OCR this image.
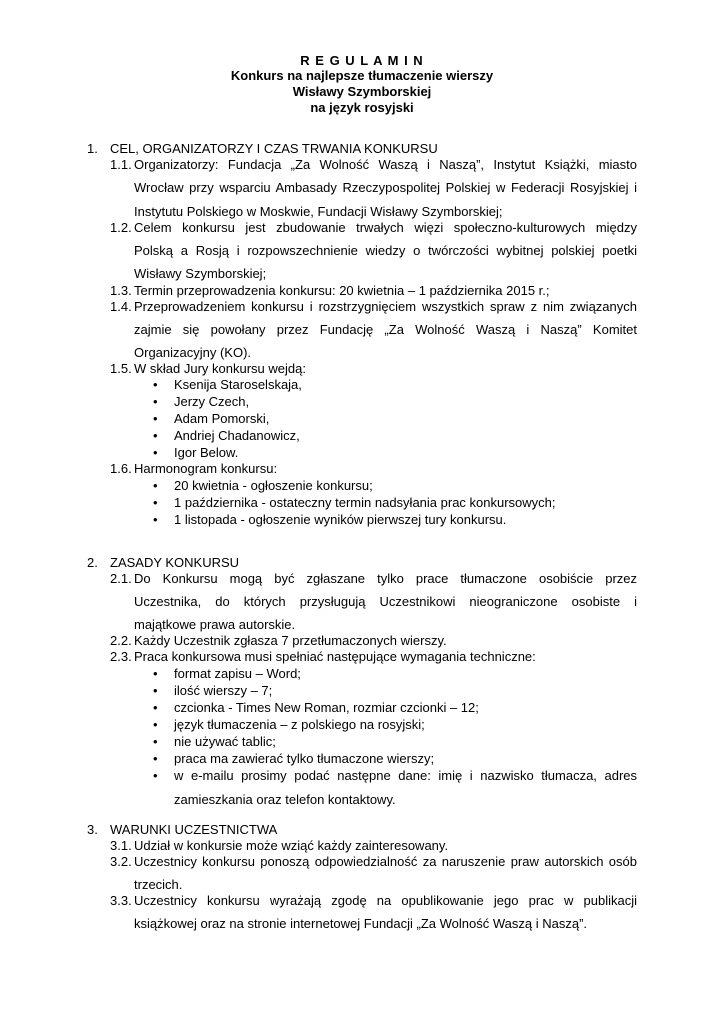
R E G U L A M I N
Konkurs na najlepsze tłumaczenie wierszy
Wisławy Szymborskiej
na język rosyjski
1. CEL, ORGANIZATORZY I CZAS TRWANIA KONKURSU
1.1. Organizatorzy: Fundacja „Za Wolność Waszą i Naszą”, Instytut Książki, miasto
Wrocław przy wsparciu Ambasady Rzeczypospolitej Polskiej w Federacji Rosyjskiej i
Instytutu Polskiego w Moskwie, Fundacji Wisławy Szymborskiej;
1.2. Celem konkursu jest zbudowanie trwałych więzi społeczno-kulturowych między
Polską a Rosją i rozpowszechnienie wiedzy o twórczości wybitnej polskiej poetki
Wisławy Szymborskiej;
1.3. Termin przeprowadzenia konkursu: 20 kwietnia – 1 października 2015 r.;
1.4. Przeprowadzeniem konkursu i rozstrzygnięciem wszystkich spraw z nim związanych
zajmie się powołany przez Fundację „Za Wolność Waszą i Naszą” Komitet
Organizacyjny (KO).
1.5. W skład Jury konkursu wejdą:
• Ksenija Staroselskaja,
• Jerzy Czech,
• Adam Pomorski,
• Andriej Chadanowicz,
• Igor Below.
1.6. Harmonogram konkursu:
• 20 kwietnia - ogłoszenie konkursu;
• 1 października - ostateczny termin nadsyłania prac konkursowych;
• 1 listopada - ogłoszenie wyników pierwszej tury konkursu.
2. ZASADY KONKURSU
2.1. Do Konkursu mogą być zgłaszane tylko prace tłumaczone osobiście przez
Uczestnika, do których przysługują Uczestnikowi nieograniczone osobiste i
majątkowe prawa autorskie.
2.2. Każdy Uczestnik zgłasza 7 przetłumaczonych wierszy.
2.3. Praca konkursowa musi spełniać następujące wymagania techniczne:
• format zapisu – Word;
• ilość wierszy – 7;
• czcionka - Times New Roman, rozmiar czcionki – 12;
• język tłumaczenia – z polskiego na rosyjski;
• nie używać tablic;
• praca ma zawierać tylko tłumaczone wierszy;
• w e-mailu prosimy podać następne dane: imię i nazwisko tłumacza, adres
zamieszkania oraz telefon kontaktowy.
3. WARUNKI UCZESTNICTWA
3.1. Udział w konkursie może wziąć każdy zainteresowany.
3.2. Uczestnicy konkursu ponoszą odpowiedzialność za naruszenie praw autorskich osób
trzecich.
3.3. Uczestnicy konkursu wyrażają zgodę na opublikowanie jego prac w publikacji
książkowej oraz na stronie internetowej Fundacji „Za Wolność Waszą i Naszą”.
